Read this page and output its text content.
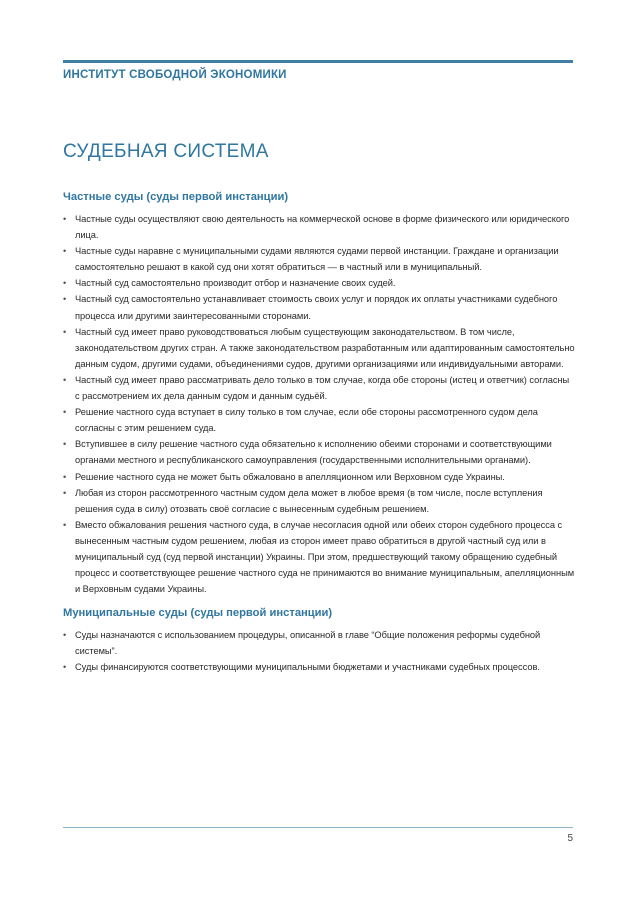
ИНСТИТУТ СВОБОДНОЙ ЭКОНОМИКИ
СУДЕБНАЯ СИСТЕМА
Частные суды (суды первой инстанции)
• Частные суды осуществляют свою деятельность на коммерческой основе в форме физического или юридического лица.
• Частные суды наравне с муниципальными судами являются судами первой инстанции. Граждане и организации самостоятельно решают в какой суд они хотят обратиться — в частный или в муниципальный.
• Частный суд самостоятельно производит отбор и назначение своих судей.
• Частный суд самостоятельно устанавливает стоимость своих услуг и порядок их оплаты участниками судебного процесса или другими заинтересованными сторонами.
• Частный суд имеет право руководствоваться любым существующим законодательством. В том числе, законодательством других стран. А также законодательством разработанным или адаптированным самостоятельно данным судом, другими судами, объединениями судов, другими организациями или индивидуальными авторами.
• Частный суд имеет право рассматривать дело только в том случае, когда обе стороны (истец и ответчик) согласны с рассмотрением их дела данным судом и данным судьёй.
• Решение частного суда вступает в силу только в том случае, если обе стороны рассмотренного судом дела согласны с этим решением суда.
• Вступившее в силу решение частного суда обязательно к исполнению обеими сторонами и соответствующими органами местного и республиканского самоуправления (государственными исполнительными органами).
• Решение частного суда не может быть обжаловано в апелляционном или Верховном суде Украины.
• Любая из сторон рассмотренного частным судом дела может в любое время (в том числе, после вступления решения суда в силу) отозвать своё согласие с вынесенным судебным решением.
• Вместо обжалования решения частного суда, в случае несогласия одной или обеих сторон судебного процесса с вынесенным частным судом решением, любая из сторон имеет право обратиться в другой частный суд или в муниципальный суд (суд первой инстанции) Украины. При этом, предшествующий такому обращению судебный процесс и соответствующее решение частного суда не принимаются во внимание муниципальным, апелляционным и Верховным судами Украины.
Муниципальные суды (суды первой инстанции)
• Суды назначаются с использованием процедуры, описанной в главе “Общие положения реформы судебной системы”.
• Суды финансируются соответствующими муниципальными бюджетами и участниками судебных процессов.
5
